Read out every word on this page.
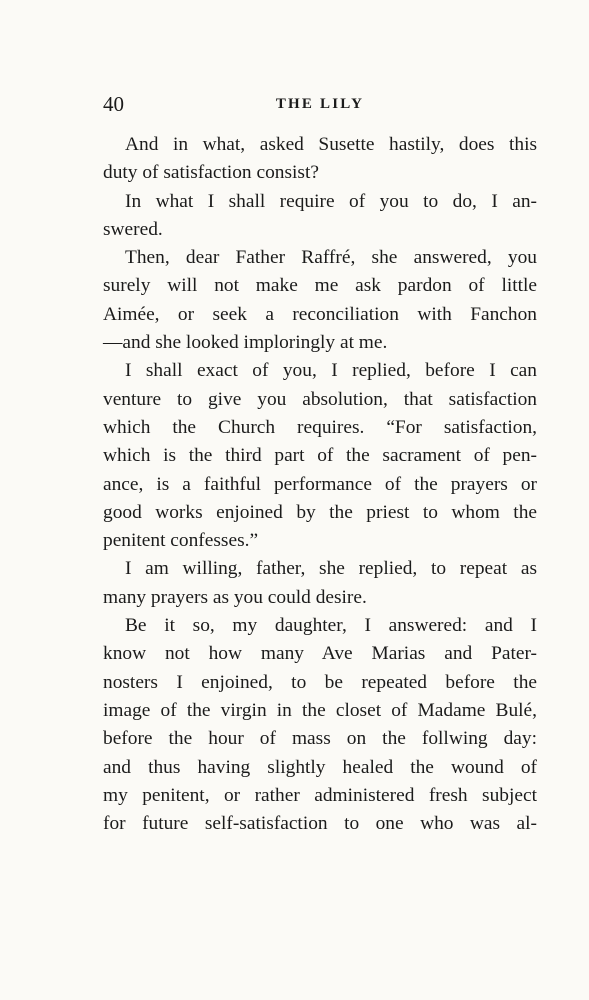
40	THE LILY
And in what, asked Susette hastily, does this
duty of satisfaction consist?
In what I shall require of you to do, I an-
swered.
Then, dear Father Raffré, she answered, you
surely will not make me ask pardon of little
Aimée, or seek a reconciliation with Fanchon
—and she looked imploringly at me.
I shall exact of you, I replied, before I can
venture to give you absolution, that satisfaction
which the Church requires. “For satisfaction,
which is the third part of the sacrament of pen-
ance, is a faithful performance of the prayers or
good works enjoined by the priest to whom the
penitent confesses.”
I am willing, father, she replied, to repeat as
many prayers as you could desire.
Be it so, my daughter, I answered: and I
know not how many Ave Marias and Pater-
nosters I enjoined, to be repeated before the
image of the virgin in the closet of Madame Bulé,
before the hour of mass on the follwing day:
and thus having slightly healed the wound of
my penitent, or rather administered fresh subject
for future self-satisfaction to one who was al-
